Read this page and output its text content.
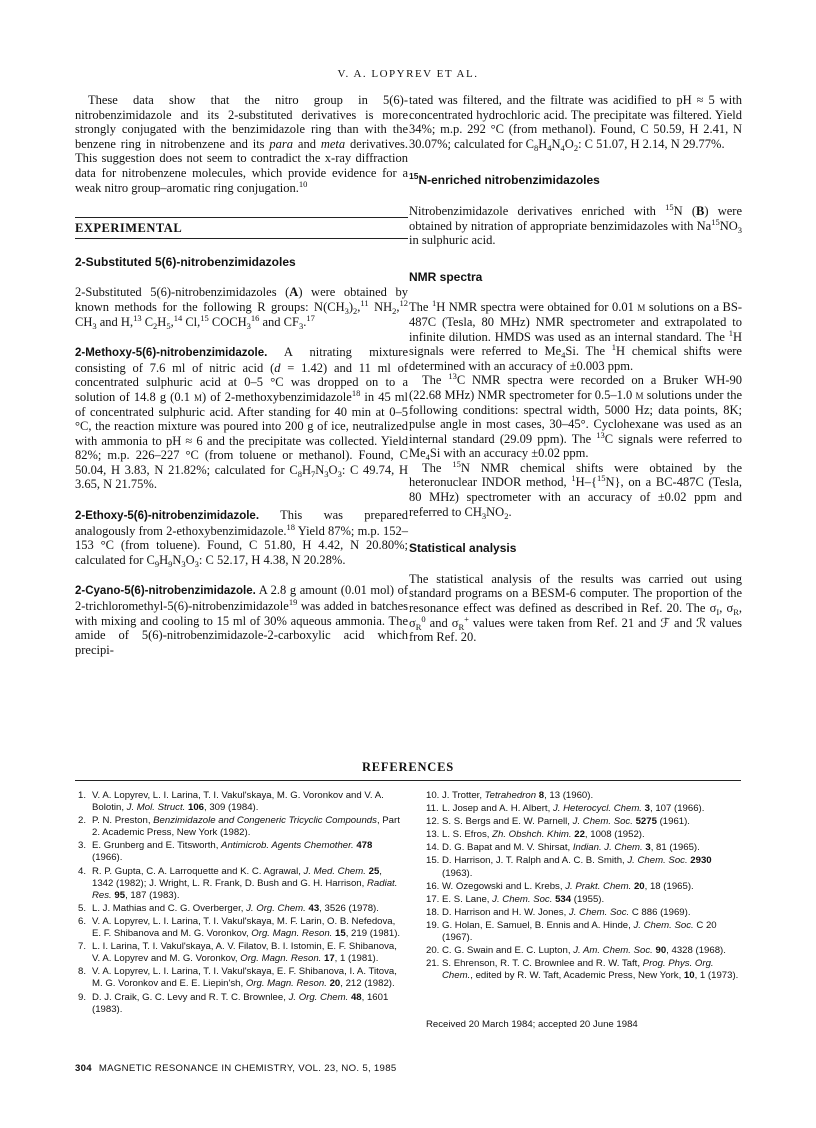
V. A. LOPYREV ET AL.

These data show that the nitro group in 5(6)-nitrobenzimidazole and its 2-substituted derivatives is more strongly conjugated with the benzimidazole ring than with the benzene ring in nitrobenzene and its para and meta derivatives. This suggestion does not seem to contradict the x-ray diffraction data for nitrobenzene molecules, which provide evidence for a weak nitro group–aromatic ring conjugation.$^{10}$

EXPERIMENTAL
2-Substituted 5(6)-nitrobenzimidazoles

2-Substituted 5(6)-nitrobenzimidazoles (A) were obtained by known methods for the following R groups: $N(CH_3)_2,^{11}$ $NH_2,^{12}$ $CH_3$ and H,$^{13}$ $C_2H_5,^{14}$ Cl,$^{15}$ $COCH_3^{16}$ and $CF_3.^{17}$

2-Methoxy-5(6)-nitrobenzimidazole. A nitrating mixture consisting of 7.6 ml of nitric acid (d = 1.42) and 11 ml of concentrated sulphuric acid at 0–5 °C was dropped on to a solution of 14.8 g (0.1 m) of 2-methoxybenzimidazole$^{18}$ in 45 ml of concentrated sulphuric acid. After standing for 40 min at 0–5 °C, the reaction mixture was poured into 200 g of ice, neutralized with ammonia to pH ≈ 6 and the precipitate was collected. Yield 82%; m.p. 226–227 °C (from toluene or methanol). Found, C 50.04, H 3.83, N 21.82%; calculated for $C_8H_7N_3O_3$: C 49.74, H 3.65, N 21.75%.

2-Ethoxy-5(6)-nitrobenzimidazole. This was prepared analogously from 2-ethoxybenzimidazole.$^{18}$ Yield 87%; m.p. 152–153 °C (from toluene). Found, C 51.80, H 4.42, N 20.80%; calculated for $C_9H_9N_3O_3$: C 52.17, H 4.38, N 20.28%.

2-Cyano-5(6)-nitrobenzimidazole. A 2.8 g amount (0.01 mol) of 2-trichloromethyl-5(6)-nitrobenzimidazole$^{19}$ was added in batches with mixing and cooling to 15 ml of 30% aqueous ammonia. The amide of 5(6)-nitrobenzimidazole-2-carboxylic acid which precipi-

tated was filtered, and the filtrate was acidified to pH ≈ 5 with concentrated hydrochloric acid. The precipitate was filtered. Yield 34%; m.p. 292 °C (from methanol). Found, C 50.59, H 2.41, N 30.07%; calculated for $C_8H_4N_4O_2$: C 51.07, H 2.14, N 29.77%.

$^{15}$N-enriched nitrobenzimidazoles

Nitrobenzimidazole derivatives enriched with $^{15}$N (B) were obtained by nitration of appropriate benzimidazoles with $Na^{15}NO_3$ in sulphuric acid.

NMR spectra

The $^1$H NMR spectra were obtained for 0.01 m solutions on a BS-487C (Tesla, 80 MHz) NMR spectrometer and extrapolated to infinite dilution. HMDS was used as an internal standard. The $^1$H signals were referred to $Me_4Si$. The $^1$H chemical shifts were determined with an accuracy of ±0.003 ppm.

The $^{13}$C NMR spectra were recorded on a Bruker WH-90 (22.68 MHz) NMR spectrometer for 0.5–1.0 m solutions under the following conditions: spectral width, 5000 Hz; data points, 8K; pulse angle in most cases, 30–45°. Cyclohexane was used as an internal standard (29.09 ppm). The $^{13}$C signals were referred to $Me_4Si$ with an accuracy ±0.02 ppm.

The $^{15}$N NMR chemical shifts were obtained by the heteronuclear INDOR method, $^1$H–{$^{15}$N}, on a BC-487C (Tesla, 80 MHz) spectrometer with an accuracy of ±0.02 ppm and referred to $CH_3NO_2$.

Statistical analysis

The statistical analysis of the results was carried out using standard programs on a BESM-6 computer. The proportion of the resonance effect was defined as described in Ref. 20. The $\sigma_I$, $\sigma_R$, $\sigma_R^0$ and $\sigma_R^+$ values were taken from Ref. 21 and ℱ and ℛ values from Ref. 20.

REFERENCES
1. V. A. Lopyrev, L. I. Larina, T. I. Vakul'skaya, M. G. Voronkov and V. A. Bolotin, J. Mol. Struct. 106, 309 (1984).
2. P. N. Preston, Benzimidazole and Congeneric Tricyclic Compounds, Part 2. Academic Press, New York (1982).
3. E. Grunberg and E. Titsworth, Antimicrob. Agents Chemother. 478 (1966).
4. R. P. Gupta, C. A. Larroquette and K. C. Agrawal, J. Med. Chem. 25, 1342 (1982); J. Wright, L. R. Frank, D. Bush and G. H. Harrison, Radiat. Res. 95, 187 (1983).
5. L. J. Mathias and C. G. Overberger, J. Org. Chem. 43, 3526 (1978).
6. V. A. Lopyrev, L. I. Larina, T. I. Vakul'skaya, M. F. Larin, O. B. Nefedova, E. F. Shibanova and M. G. Voronkov, Org. Magn. Reson. 15, 219 (1981).
7. L. I. Larina, T. I. Vakul'skaya, A. V. Filatov, B. I. Istomin, E. F. Shibanova, V. A. Lopyrev and M. G. Voronkov, Org. Magn. Reson. 17, 1 (1981).
8. V. A. Lopyrev, L. I. Larina, T. I. Vakul'skaya, E. F. Shibanova, I. A. Titova, M. G. Voronkov and E. E. Liepin'sh, Org. Magn. Reson. 20, 212 (1982).
9. D. J. Craik, G. C. Levy and R. T. C. Brownlee, J. Org. Chem. 48, 1601 (1983).
10. J. Trotter, Tetrahedron 8, 13 (1960).
11. L. Josep and A. H. Albert, J. Heterocycl. Chem. 3, 107 (1966).
12. S. S. Bergs and E. W. Parnell, J. Chem. Soc. 5275 (1961).
13. L. S. Efros, Zh. Obshch. Khim. 22, 1008 (1952).
14. D. G. Bapat and M. V. Shirsat, Indian. J. Chem. 3, 81 (1965).
15. D. Harrison, J. T. Ralph and A. C. B. Smith, J. Chem. Soc. 2930 (1963).
16. W. Ozegowski and L. Krebs, J. Prakt. Chem. 20, 18 (1965).
17. E. S. Lane, J. Chem. Soc. 534 (1955).
18. D. Harrison and H. W. Jones, J. Chem. Soc. C 886 (1969).
19. G. Holan, E. Samuel, B. Ennis and A. Hinde, J. Chem. Soc. C 20 (1967).
20. C. G. Swain and E. C. Lupton, J. Am. Chem. Soc. 90, 4328 (1968).
21. S. Ehrenson, R. T. C. Brownlee and R. W. Taft, Prog. Phys. Org. Chem., edited by R. W. Taft, Academic Press, New York, 10, 1 (1973).
Received 20 March 1984; accepted 20 June 1984
304 MAGNETIC RESONANCE IN CHEMISTRY, VOL. 23, NO. 5, 1985
